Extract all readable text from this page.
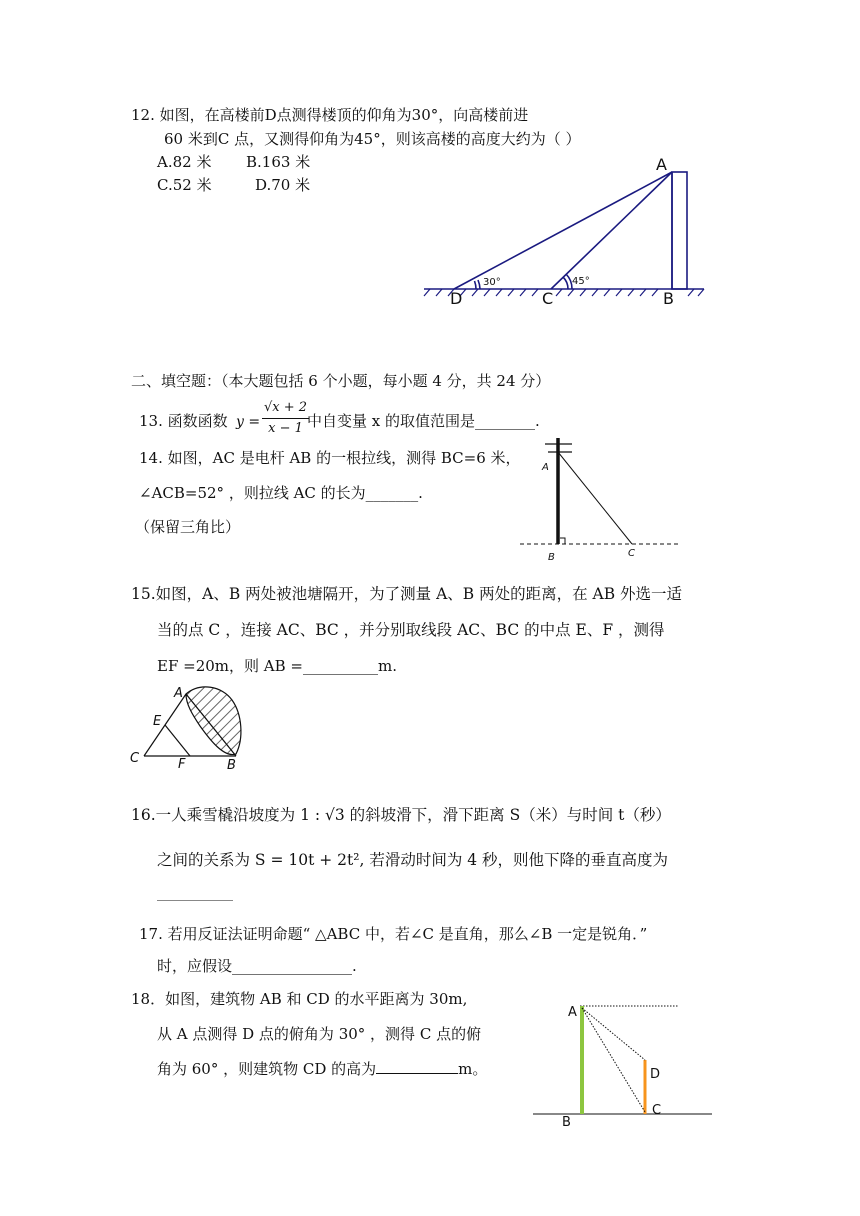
12. 如图，在高楼前D点测得楼顶的仰角为30°，向高楼前进
60 米到C 点，又测得仰角为45°，则该高楼的高度大约为（ ）
A.82 米 B.163 米
C.52 米	D.70 米
A
D	C	B
30°	45°
二、填空题：（本大题包括 6 个小题，每小题 4 分，共 24 分）
13. 函数函数 $y = \frac{√x + 2}{x - 1}$
中自变量 x 的取值范围是________.
14. 如图，AC 是电杆 AB 的一根拉线，测得 BC=6 米，
∠ACB=52° ，则拉线 AC 的长为_______.
（保留三角比）
A
B	C
15.如图，A、B 两处被池塘隔开，为了测量 A、B 两处的距离，在 AB 外选一适
当的点 C ，连接 AC、BC ，并分别取线段 AC、BC 的中点 E、F ，测得
EF =20m，则 AB =__________m.
A
E
C	F	B
16.一人乘雪橇沿坡度为 1 : √3 的斜坡滑下，滑下距离 S（米）与时间 t（秒）
之间的关系为 S = 10t + 2t², 若滑动时间为 4 秒，则他下降的垂直高度为
17. 若用反证法证明命题“ △ABC 中，若∠C 是直角，那么∠B 一定是锐角．”
时，应假设________________.
18．如图，建筑物 AB 和 CD 的水平距离为 30m,
从 A 点测得 D 点的俯角为 30° ，测得 C 点的俯
角为 60° ，则建筑物 CD 的高为	m。
A
D
C
B
